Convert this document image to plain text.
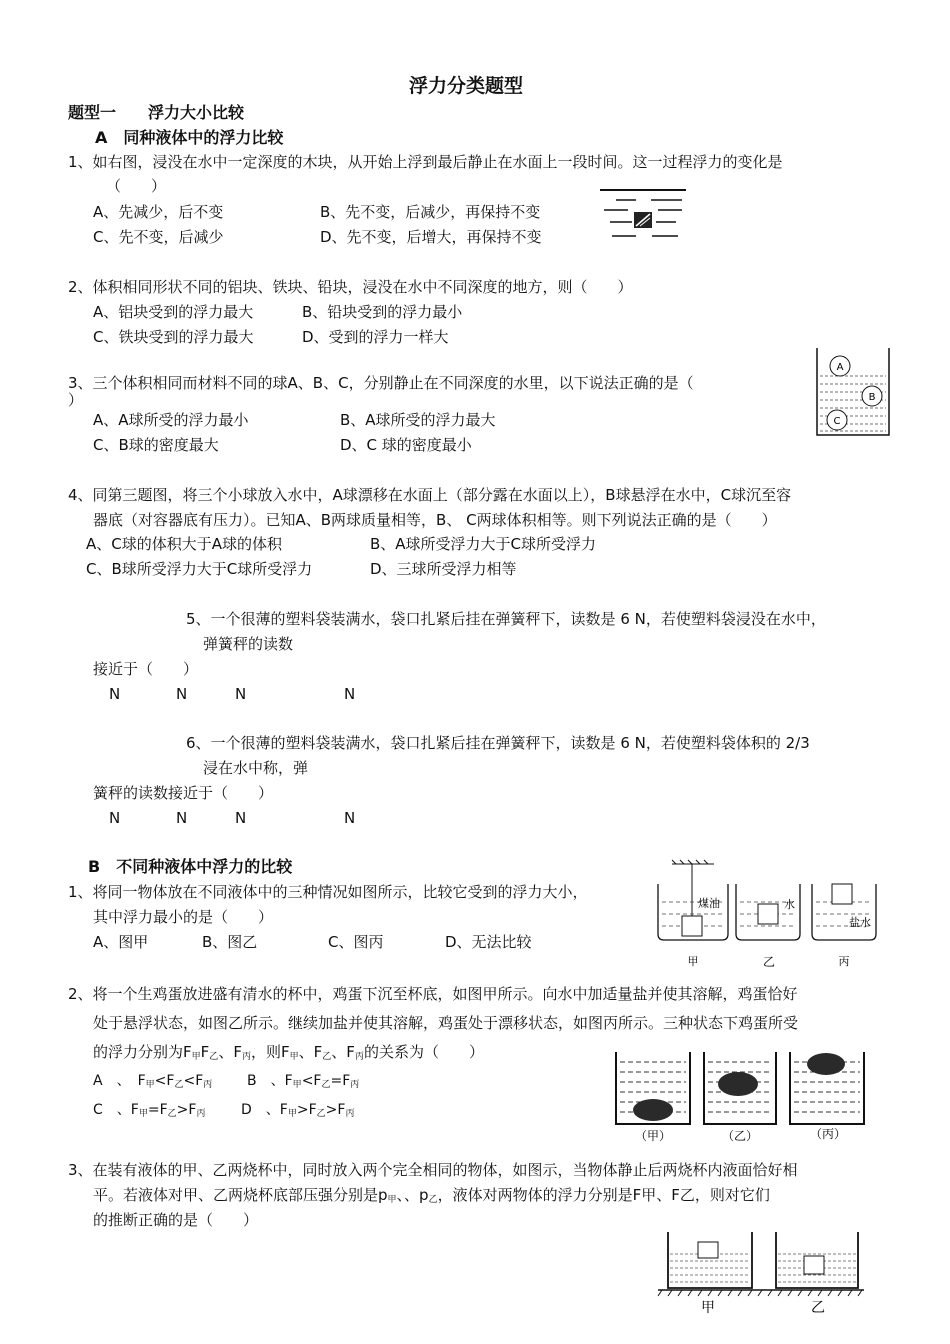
浮力分类题型
题型一　　浮力大小比较
A　同种液体中的浮力比较
1、如右图，浸没在水中一定深度的木块，从开始上浮到最后静止在水面上一段时间。这一过程浮力的变化是
（　　）
A、先减少，后不变	B、先不变，后减少，再保持不变
C、先不变，后减少	D、先不变，后增大，再保持不变
2、体积相同形状不同的铝块、铁块、铅块，浸没在水中不同深度的地方，则（　　）
A、铝块受到的浮力最大	B、铅块受到的浮力最小
C、铁块受到的浮力最大	D、受到的浮力一样大
3、三个体积相同而材料不同的球A、B、C，分别静止在不同深度的水里，以下说法正确的是（
）
A、A球所受的浮力最小	B、A球所受的浮力最大
C、B球的密度最大	D、C 球的密度最小
A
B
C
4、同第三题图，将三个小球放入水中，A球漂移在水面上（部分露在水面以上），B球悬浮在水中，C球沉至容
器底（对容器底有压力）。已知A、B两球质量相等，B、 C两球体积相等。则下列说法正确的是（　　）
A、C球的体积大于A球的体积	B、A球所受浮力大于C球所受浮力
C、B球所受浮力大于C球所受浮力	D、三球所受浮力相等
5、一个很薄的塑料袋装满水，袋口扎紧后挂在弹簧秤下，读数是 6 N，若使塑料袋浸没在水中，
弹簧秤的读数
接近于（　　）
N	N	N	N
6、一个很薄的塑料袋装满水，袋口扎紧后挂在弹簧秤下，读数是 6 N，若使塑料袋体积的 2/3
浸在水中称，弹
簧秤的读数接近于（　　）
N	N	N	N
B　不同种液体中浮力的比较
1、将同一物体放在不同液体中的三种情况如图所示，比较它受到的浮力大小，
其中浮力最小的是（　　）
A、图甲	B、图乙	C、图丙	D、无法比较
煤油	水
盐水
甲	乙	丙
2、将一个生鸡蛋放进盛有清水的杯中，鸡蛋下沉至杯底，如图甲所示。向水中加适量盐并使其溶解，鸡蛋恰好
处于悬浮状态，如图乙所示。继续加盐并使其溶解，鸡蛋处于漂移状态，如图丙所示。三种状态下鸡蛋所受
的浮力分别为$F_甲F_乙$、$F_丙$，则$F_甲$、$F_乙$、$F_丙$的关系为（　　）
A　、　$F_甲<F_乙<F_丙$ B　、$F_甲<F_乙=F_丙$
C　、$F_甲=F_乙>F_丙$	D　、$F_甲>F_乙>F_丙$
（甲）	（乙）	（丙）
3、在装有液体的甲、乙两烧杯中，同时放入两个完全相同的物体，如图示，当物体静止后两烧杯内液面恰好相
平。若液体对甲、乙两烧杯底部压强分别是$p_甲$、、$p_乙$，液体对两物体的浮力分别是F甲、F乙，则对它们
的推断正确的是（　　）
甲	乙
